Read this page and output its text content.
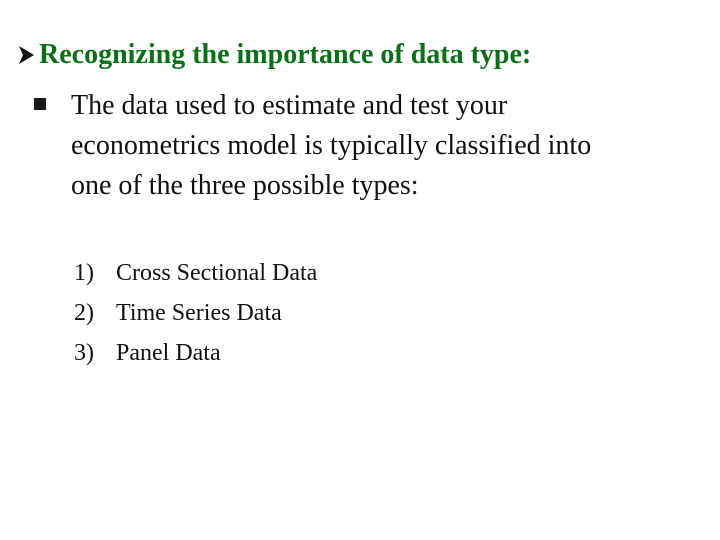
Recognizing the importance of data type:
The data used to estimate and test your
econometrics model is typically classified into
one of the three possible types:
1) Cross Sectional Data
2) Time Series Data
3) Panel Data
